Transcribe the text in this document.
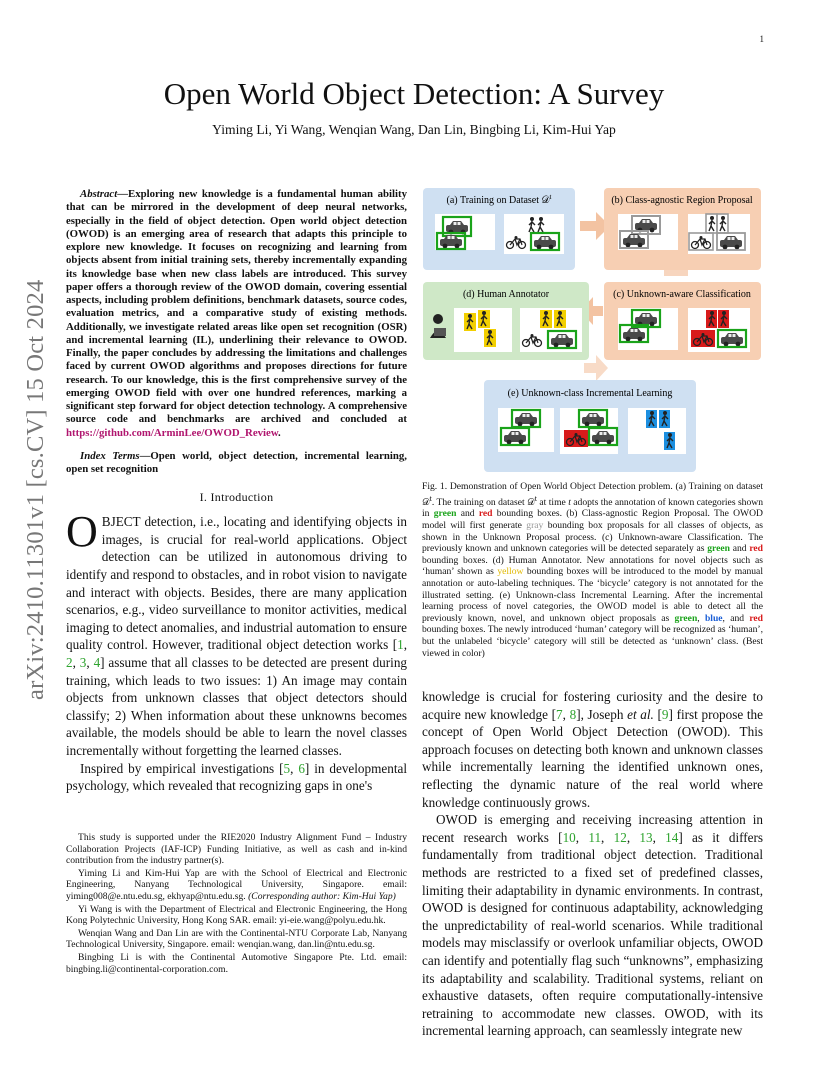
1
arXiv:2410.11301v1 [cs.CV] 15 Oct 2024
Open World Object Detection: A Survey
Yiming Li, Yi Wang, Wenqian Wang, Dan Lin, Bingbing Li, Kim-Hui Yap

Abstract—Exploring new knowledge is a fundamental human ability that can be mirrored in the development of deep neural networks, especially in the field of object detection. Open world object detection (OWOD) is an emerging area of research that adapts this principle to explore new knowledge. It focuses on recognizing and learning from objects absent from initial training sets, thereby incrementally expanding its knowledge base when new class labels are introduced. This survey paper offers a thorough review of the OWOD domain, covering essential aspects, including problem definitions, benchmark datasets, source codes, evaluation metrics, and a comparative study of existing methods. Additionally, we investigate related areas like open set recognition (OSR) and incremental learning (IL), underlining their relevance to OWOD. Finally, the paper concludes by addressing the limitations and challenges faced by current OWOD algorithms and proposes directions for future research. To our knowledge, this is the first comprehensive survey of the emerging OWOD field with over one hundred references, marking a significant step forward for object detection technology. A comprehensive source code and benchmarks are archived and concluded at https://github.com/ArminLee/OWOD_Review.

Index Terms—Open world, object detection, incremental learning, open set recognition

I. Introduction

OBJECT detection, i.e., locating and identifying objects in images, is crucial for real-world applications. Object detection can be utilized in autonomous driving to identify and respond to obstacles, and in robot vision to navigate and interact with objects. Besides, there are many application scenarios, e.g., video surveillance to monitor activities, medical imaging to detect anomalies, and industrial automation to ensure quality control. However, traditional object detection works [1, 2, 3, 4] assume that all classes to be detected are present during training, which leads to two issues: 1) An image may contain objects from unknown classes that object detectors should classify; 2) When information about these unknowns becomes available, the models should be able to learn the novel classes incrementally without forgetting the learned classes.

Inspired by empirical investigations [5, 6] in developmental psychology, which revealed that recognizing gaps in one's

This study is supported under the RIE2020 Industry Alignment Fund – Industry Collaboration Projects (IAF-ICP) Funding Initiative, as well as cash and in-kind contribution from the industry partner(s).

Yiming Li and Kim-Hui Yap are with the School of Electrical and Electronic Engineering, Nanyang Technological University, Singapore. email: yiming008@e.ntu.edu.sg, ekhyap@ntu.edu.sg. (Corresponding author: Kim-Hui Yap)

Yi Wang is with the Department of Electrical and Electronic Engineering, the Hong Kong Polytechnic University, Hong Kong SAR. email: yi-eie.wang@polyu.edu.hk.

Wenqian Wang and Dan Lin are with the Continental-NTU Corporate Lab, Nanyang Technological University, Singapore. email: wenqian.wang, dan.lin@ntu.edu.sg.

Bingbing Li is with the Continental Automotive Singapore Pte. Ltd. email: bingbing.li@continental-corporation.com.

(a) Training on Dataset 𝒟$^t$	(b) Class-agnostic Region Proposal
(d) Human Annotator	(c) Unknown-aware Classification
(e) Unknown-class Incremental Learning

Fig. 1. Demonstration of Open World Object Detection problem. (a) Training on dataset 𝒟$^t$. The training on dataset 𝒟$^t$ at time t adopts the annotation of known categories shown in green and red bounding boxes. (b) Class-agnostic Region Proposal. The OWOD model will first generate gray bounding box proposals for all classes of objects, as shown in the Unknown Proposal process. (c) Unknown-aware Classification. The previously known and unknown categories will be detected separately as green and red bounding boxes. (d) Human Annotator. New annotations for novel objects such as ‘human’ shown as yellow bounding boxes will be introduced to the model by manual annotation or auto-labeling techniques. The ‘bicycle’ category is not annotated for the illustrated setting. (e) Unknown-class Incremental Learning. After the incremental learning process of novel categories, the OWOD model is able to detect all the previously known, novel, and unknown object proposals as green, blue, and red bounding boxes. The newly introduced ‘human’ category will be recognized as ‘human’, but the unlabeled ‘bicycle’ category will still be detected as ‘unknown’ class. (Best viewed in color)

knowledge is crucial for fostering curiosity and the desire to acquire new knowledge [7, 8], Joseph et al. [9] first propose the concept of Open World Object Detection (OWOD). This approach focuses on detecting both known and unknown classes while incrementally learning the identified unknown ones, reflecting the dynamic nature of the real world where knowledge continuously grows.

OWOD is emerging and receiving increasing attention in recent research works [10, 11, 12, 13, 14] as it differs fundamentally from traditional object detection. Traditional methods are restricted to a fixed set of predefined classes, limiting their adaptability in dynamic environments. In contrast, OWOD is designed for continuous adaptability, acknowledging the unpredictability of real-world scenarios. While traditional models may misclassify or overlook unfamiliar objects, OWOD can identify and potentially flag such “unknowns”, emphasizing its adaptability and scalability. Traditional systems, reliant on exhaustive datasets, often require computationally-intensive retraining to accommodate new classes. OWOD, with its incremental learning approach, can seamlessly integrate new
